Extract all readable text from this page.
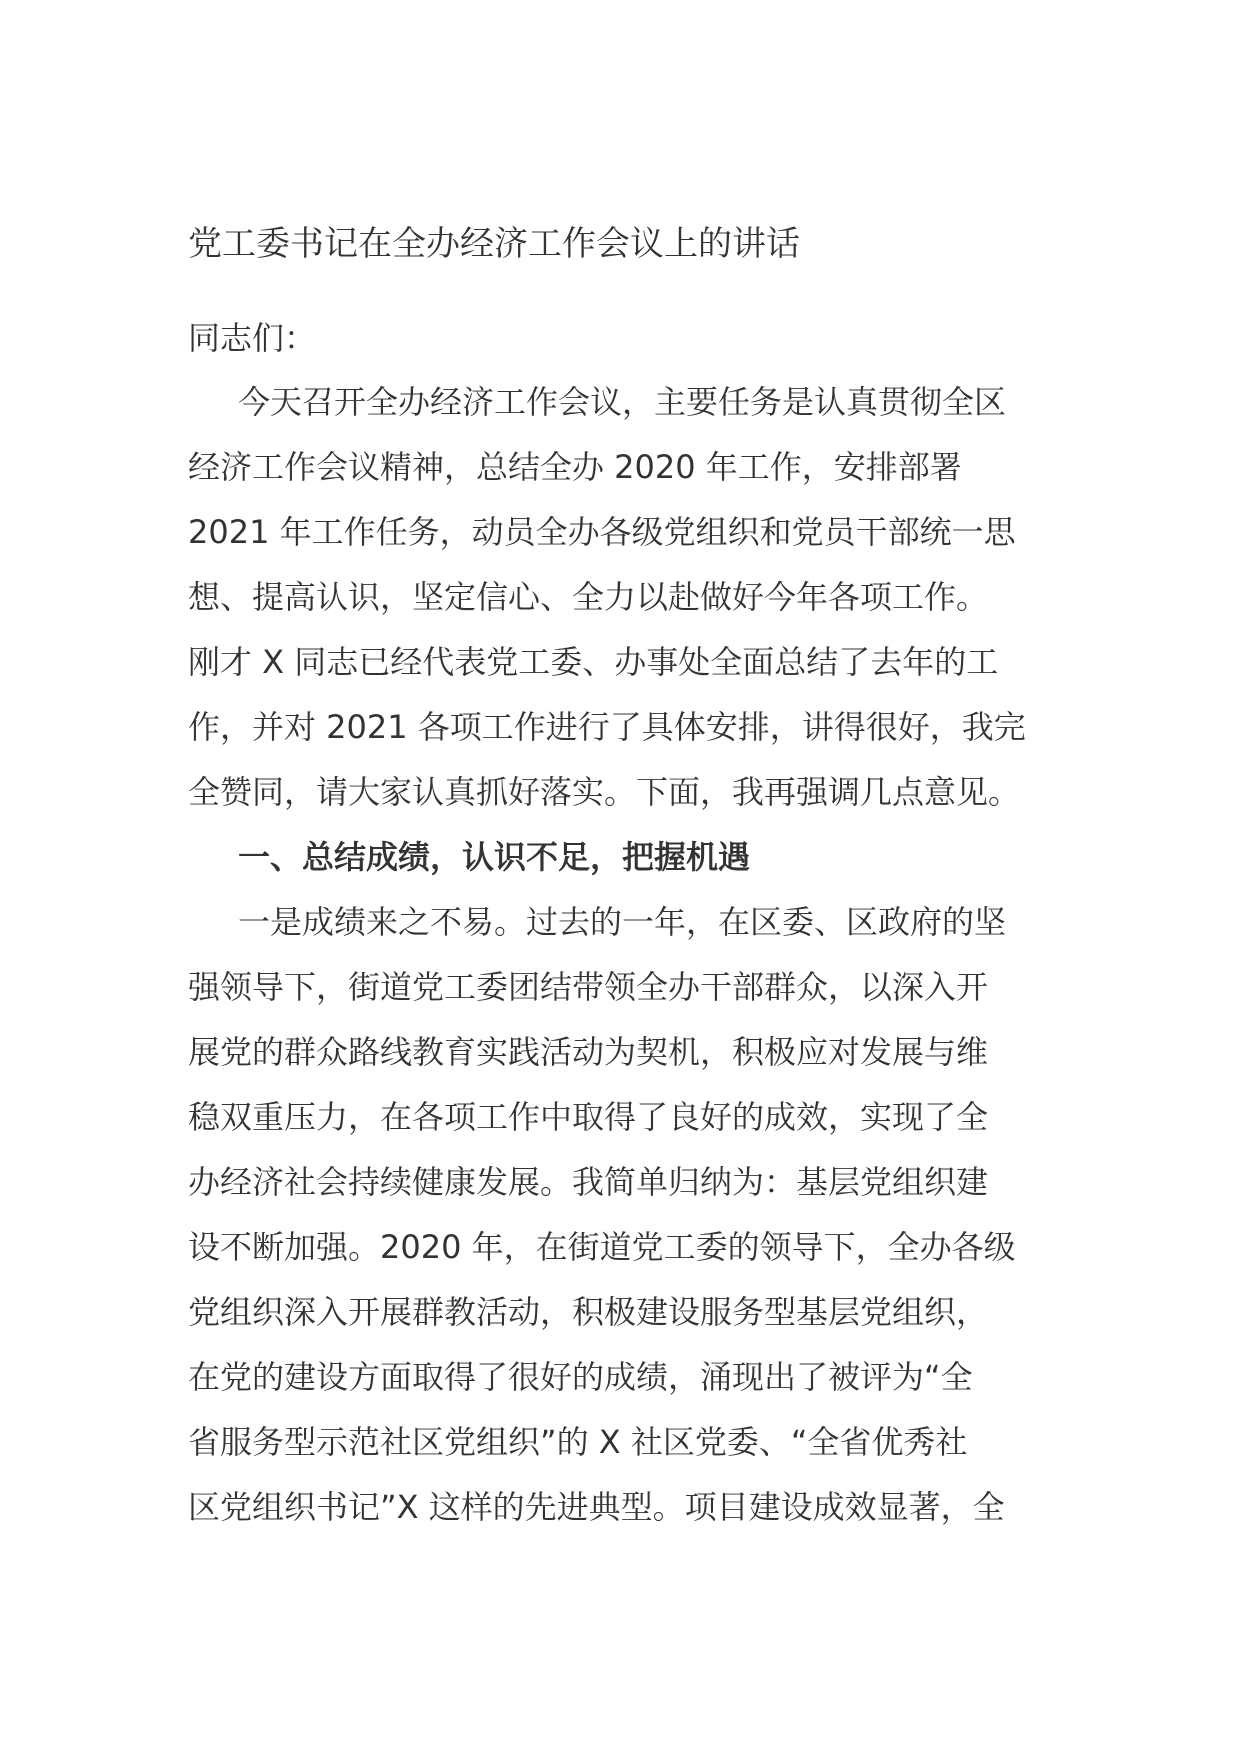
党工委书记在全办经济工作会议上的讲话
同志们：
今天召开全办经济工作会议，主要任务是认真贯彻全区
经济工作会议精神，总结全办 2020 年工作，安排部署
2021 年工作任务，动员全办各级党组织和党员干部统一思
想、提高认识，坚定信心、全力以赴做好今年各项工作。
刚才 X 同志已经代表党工委、办事处全面总结了去年的工
作，并对 2021 各项工作进行了具体安排，讲得很好，我完
全赞同，请大家认真抓好落实。下面，我再强调几点意见。
一、总结成绩，认识不足，把握机遇
一是成绩来之不易。过去的一年，在区委、区政府的坚
强领导下，街道党工委团结带领全办干部群众，以深入开
展党的群众路线教育实践活动为契机，积极应对发展与维
稳双重压力，在各项工作中取得了良好的成效，实现了全
办经济社会持续健康发展。我简单归纳为：基层党组织建
设不断加强。2020 年，在街道党工委的领导下，全办各级
党组织深入开展群教活动，积极建设服务型基层党组织，
在党的建设方面取得了很好的成绩，涌现出了被评为“全
省服务型示范社区党组织”的 X 社区党委、“全省优秀社
区党组织书记”X 这样的先进典型。项目建设成效显著，全
